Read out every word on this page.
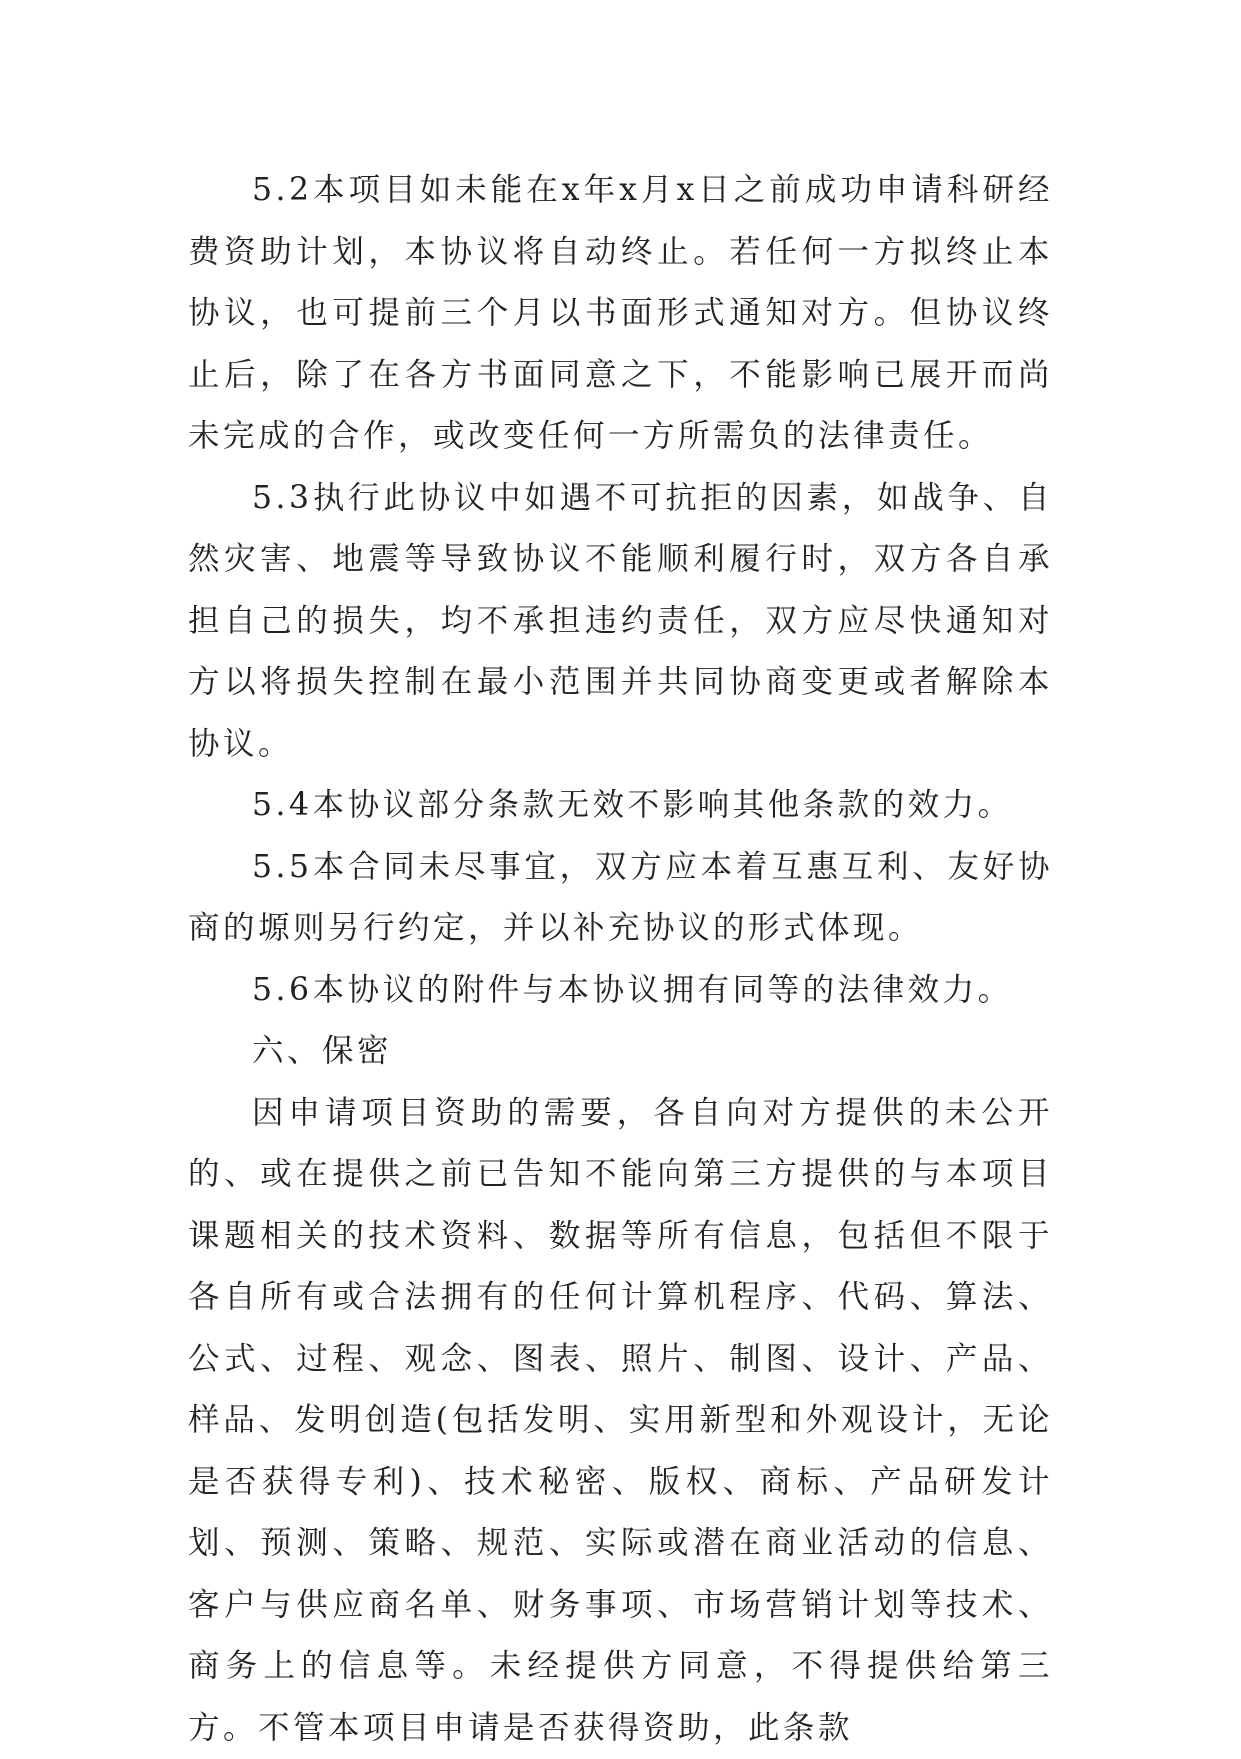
5.2本项目如未能在x年x月x日之前成功申请科研经费资助计划，本协议将自动终止。若任何一方拟终止本协议，也可提前三个月以书面形式通知对方。但协议终止后，除了在各方书面同意之下，不能影响已展开而尚未完成的合作，或改变任何一方所需负的法律责任。

5.3执行此协议中如遇不可抗拒的因素，如战争、自然灾害、地震等导致协议不能顺利履行时，双方各自承担自己的损失，均不承担违约责任，双方应尽快通知对方以将损失控制在最小范围并共同协商变更或者解除本协议。

5.4本协议部分条款无效不影响其他条款的效力。

5.5本合同未尽事宜，双方应本着互惠互利、友好协商的塬则另行约定，并以补充协议的形式体现。

5.6本协议的附件与本协议拥有同等的法律效力。

六、保密

因申请项目资助的需要，各自向对方提供的未公开的、或在提供之前已告知不能向第三方提供的与本项目课题相关的技术资料、数据等所有信息，包括但不限于各自所有或合法拥有的任何计算机程序、代码、算法、公式、过程、观念、图表、照片、制图、设计、产品、样品、发明创造(包括发明、实用新型和外观设计，无论是否获得专利)、技术秘密、版权、商标、产品研发计划、预测、策略、规范、实际或潜在商业活动的信息、客户与供应商名单、财务事项、市场营销计划等技术、商务上的信息等。未经提供方同意，不得提供给第三方。不管本项目申请是否获得资助，此条款
